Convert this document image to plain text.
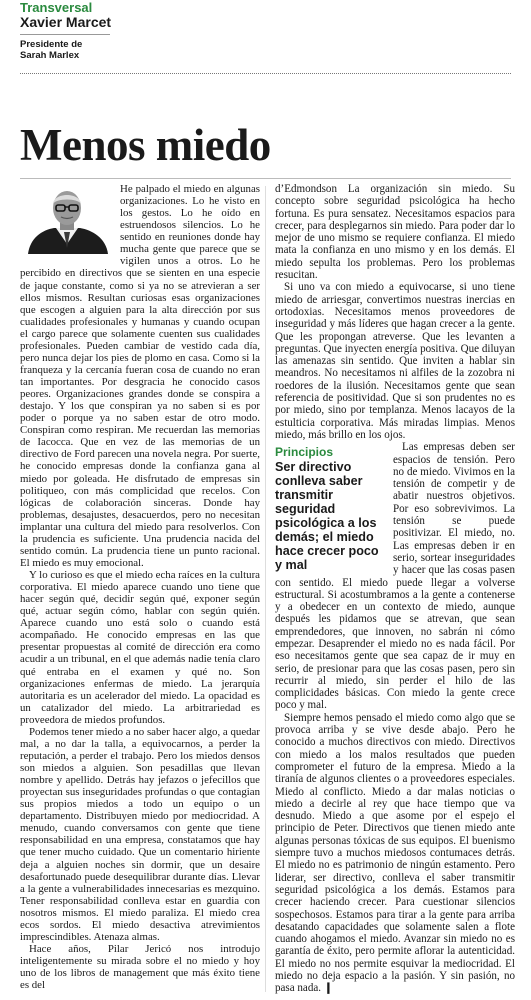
Transversal
Xavier Marcet
Presidente de
Sarah Marlex
Menos miedo

He palpado el miedo en algunas organizaciones. Lo he visto en los gestos. Lo he oído en estruendosos silencios. Lo he sentido en reuniones donde hay mucha gente que parece que se vigilen unos a otros. Lo he percibido en directivos que se sienten en una especie de jaque constante, como si ya no se atrevieran a ser ellos mismos. Resultan curiosas esas organizaciones que escogen a alguien para la alta dirección por sus cualidades profesionales y humanas y cuando ocupan el cargo parece que solamente cuenten sus cualidades profesionales. Pueden cambiar de vestido cada día, pero nunca dejar los pies de plomo en casa. Como si la franqueza y la cercanía fueran cosa de cuando no eran tan importantes. Por desgracia he conocido casos peores. Organizaciones grandes donde se conspira a destajo. Y los que conspiran ya no saben si es por poder o porque ya no saben estar de otro modo. Conspiran como respiran. Me recuerdan las memorias de Iacocca. Que en vez de las memorias de un directivo de Ford parecen una novela negra. Por suerte, he conocido empresas donde la confianza gana al miedo por goleada. He disfrutado de empresas sin politiqueo, con más complicidad que recelos. Con lógicas de colaboración sinceras. Donde hay problemas, desajustes, desacuerdos, pero no necesitan implantar una cultura del miedo para resolverlos. Con la prudencia es suficiente. Una prudencia nacida del sentido común. La prudencia tiene un punto racional. El miedo es muy emocional.

Y lo curioso es que el miedo echa raíces en la cultura corporativa. El miedo aparece cuando uno tiene que hacer según qué, decidir según qué, exponer según qué, actuar según cómo, hablar con según quién. Aparece cuando uno está solo o cuando está acompañado. He conocido empresas en las que presentar propuestas al comité de dirección era como acudir a un tribunal, en el que además nadie tenía claro qué entraba en el examen y qué no. Son organizaciones enfermas de miedo. La jerarquía autoritaria es un acelerador del miedo. La opacidad es un catalizador del miedo. La arbitrariedad es proveedora de miedos profundos.

Podemos tener miedo a no saber hacer algo, a quedar mal, a no dar la talla, a equivocarnos, a perder la reputación, a perder el trabajo. Pero los miedos densos son miedos a alguien. Son pesadillas que llevan nombre y apellido. Detrás hay jefazos o jefecillos que proyectan sus inseguridades profundas o que contagian sus propios miedos a todo un equipo o un departamento. Distribuyen miedo por mediocridad. A menudo, cuando conversamos con gente que tiene responsabilidad en una empresa, constatamos que hay que tener mucho cuidado. Que un comentario hiriente deja a alguien noches sin dormir, que un desaire desafortunado puede desequilibrar durante días. Llevar a la gente a vulnerabilidades innecesarias es mezquino. Tener responsabilidad conlleva estar en guardia con nosotros mismos. El miedo paraliza. El miedo crea ecos sordos. El miedo desactiva atrevimientos imprescindibles. Atenaza almas.

Hace años, Pilar Jericó nos introdujo inteligentemente su mirada sobre el no miedo y hoy uno de los libros de management que más éxito tiene es del

d’Edmondson La organización sin miedo. Su concepto sobre seguridad psicológica ha hecho fortuna. Es pura sensatez. Necesitamos espacios para crecer, para desplegarnos sin miedo. Para poder dar lo mejor de uno mismo se requiere confianza. El miedo mata la confianza en uno mismo y en los demás. El miedo sepulta los problemas. Pero los problemas resucitan.

Si uno va con miedo a equivocarse, si uno tiene miedo de arriesgar, convertimos nuestras inercias en ortodoxias. Necesitamos menos proveedores de inseguridad y más líderes que hagan crecer a la gente. Que les propongan atreverse. Que les levanten a preguntas. Que inyecten energía positiva. Que diluyan las amenazas sin sentido. Que inviten a hablar sin meandros. No necesitamos ni alfiles de la zozobra ni roedores de la ilusión. Necesitamos gente que sean referencia de positividad. Que si son prudentes no es por miedo, sino por templanza. Menos lacayos de la estulticia corporativa. Más miradas limpias. Menos miedo, más brillo en los ojos.

Principios
Ser directivo conlleva saber transmitir seguridad psicológica a los demás; el miedo hace crecer poco y mal

Las empresas deben ser espacios de tensión. Pero no de miedo. Vivimos en la tensión de competir y de abatir nuestros objetivos. Por eso sobrevivimos. La tensión se puede positivizar. El miedo, no. Las empresas deben ir en serio, sortear inseguridades y hacer que las cosas pasen con sentido. El miedo puede llegar a volverse estructural. Si acostumbramos a la gente a contenerse y a obedecer en un contexto de miedo, aunque después les pidamos que se atrevan, que sean emprendedores, que innoven, no sabrán ni cómo empezar. Desaprender el miedo no es nada fácil. Por eso necesitamos gente que sea capaz de ir muy en serio, de presionar para que las cosas pasen, pero sin recurrir al miedo, sin perder el hilo de las complicidades básicas. Con miedo la gente crece poco y mal.

Siempre hemos pensado el miedo como algo que se provoca arriba y se vive desde abajo. Pero he conocido a muchos directivos con miedo. Directivos con miedo a los malos resultados que pueden comprometer el futuro de la empresa. Miedo a la tiranía de algunos clientes o a proveedores especiales. Miedo al conflicto. Miedo a dar malas noticias o miedo a decirle al rey que hace tiempo que va desnudo. Miedo a que asome por el espejo el principio de Peter. Directivos que tienen miedo ante algunas personas tóxicas de sus equipos. El buenismo siempre tuvo a muchos miedosos contumaces detrás. El miedo no es patrimonio de ningún estamento. Pero liderar, ser directivo, conlleva el saber transmitir seguridad psicológica a los demás. Estamos para crecer haciendo crecer. Para cuestionar silencios sospechosos. Estamos para tirar a la gente para arriba desatando capacidades que solamente salen a flote cuando ahogamos el miedo. Avanzar sin miedo no es garantía de éxito, pero permite aflorar la autenticidad. El miedo no nos permite esquivar la mediocridad. El miedo no deja espacio a la pasión. Y sin pasión, no pasa nada. ❙
